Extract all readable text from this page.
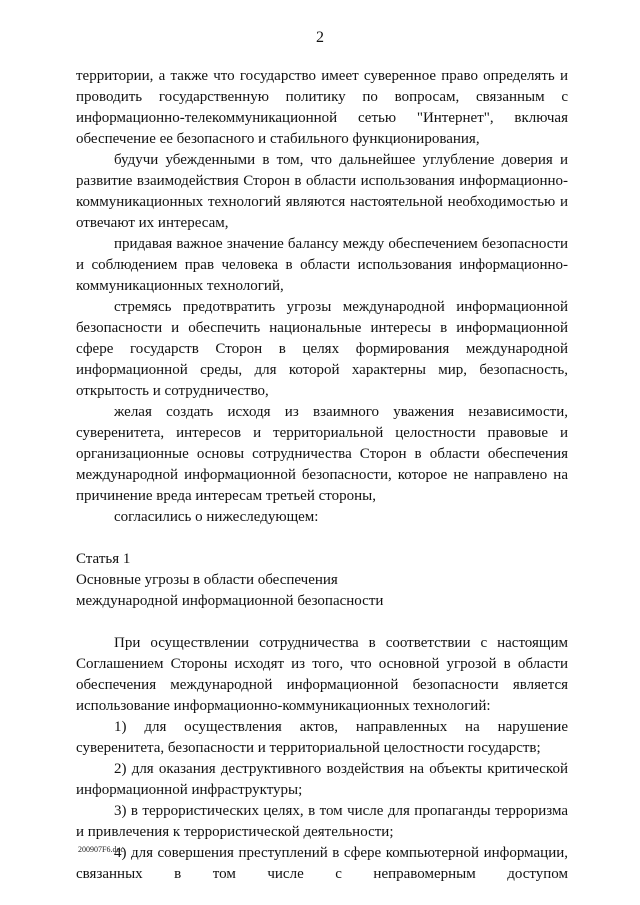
2

территории, а также что государство имеет суверенное право определять и проводить государственную политику по вопросам, связанным с информационно-телекоммуникационной сетью "Интернет", включая обеспечение ее безопасного и стабильного функционирования,

будучи убежденными в том, что дальнейшее углубление доверия и развитие взаимодействия Сторон в области использования информационно-коммуникационных технологий являются настоятельной необходимостью и отвечают их интересам,

придавая важное значение балансу между обеспечением безопасности и соблюдением прав человека в области использования информационно-коммуникационных технологий,

стремясь предотвратить угрозы международной информационной безопасности и обеспечить национальные интересы в информационной сфере государств Сторон в целях формирования международной информационной среды, для которой характерны мир, безопасность, открытость и сотрудничество,

желая создать исходя из взаимного уважения независимости, суверенитета, интересов и территориальной целостности правовые и организационные основы сотрудничества Сторон в области обеспечения международной информационной безопасности, которое не направлено на причинение вреда интересам третьей стороны,

согласились о нижеследующем:

Статья 1

Основные угрозы в области обеспечения

международной информационной безопасности

При осуществлении сотрудничества в соответствии с настоящим Соглашением Стороны исходят из того, что основной угрозой в области обеспечения международной информационной безопасности является использование информационно-коммуникационных технологий:

1) для осуществления актов, направленных на нарушение суверенитета, безопасности и территориальной целостности государств;

2) для оказания деструктивного воздействия на объекты критической информационной инфраструктуры;

3) в террористических целях, в том числе для пропаганды терроризма и привлечения к террористической деятельности;

4) для совершения преступлений в сфере компьютерной информации, связанных в том числе с неправомерным доступом

200907F6.doc
